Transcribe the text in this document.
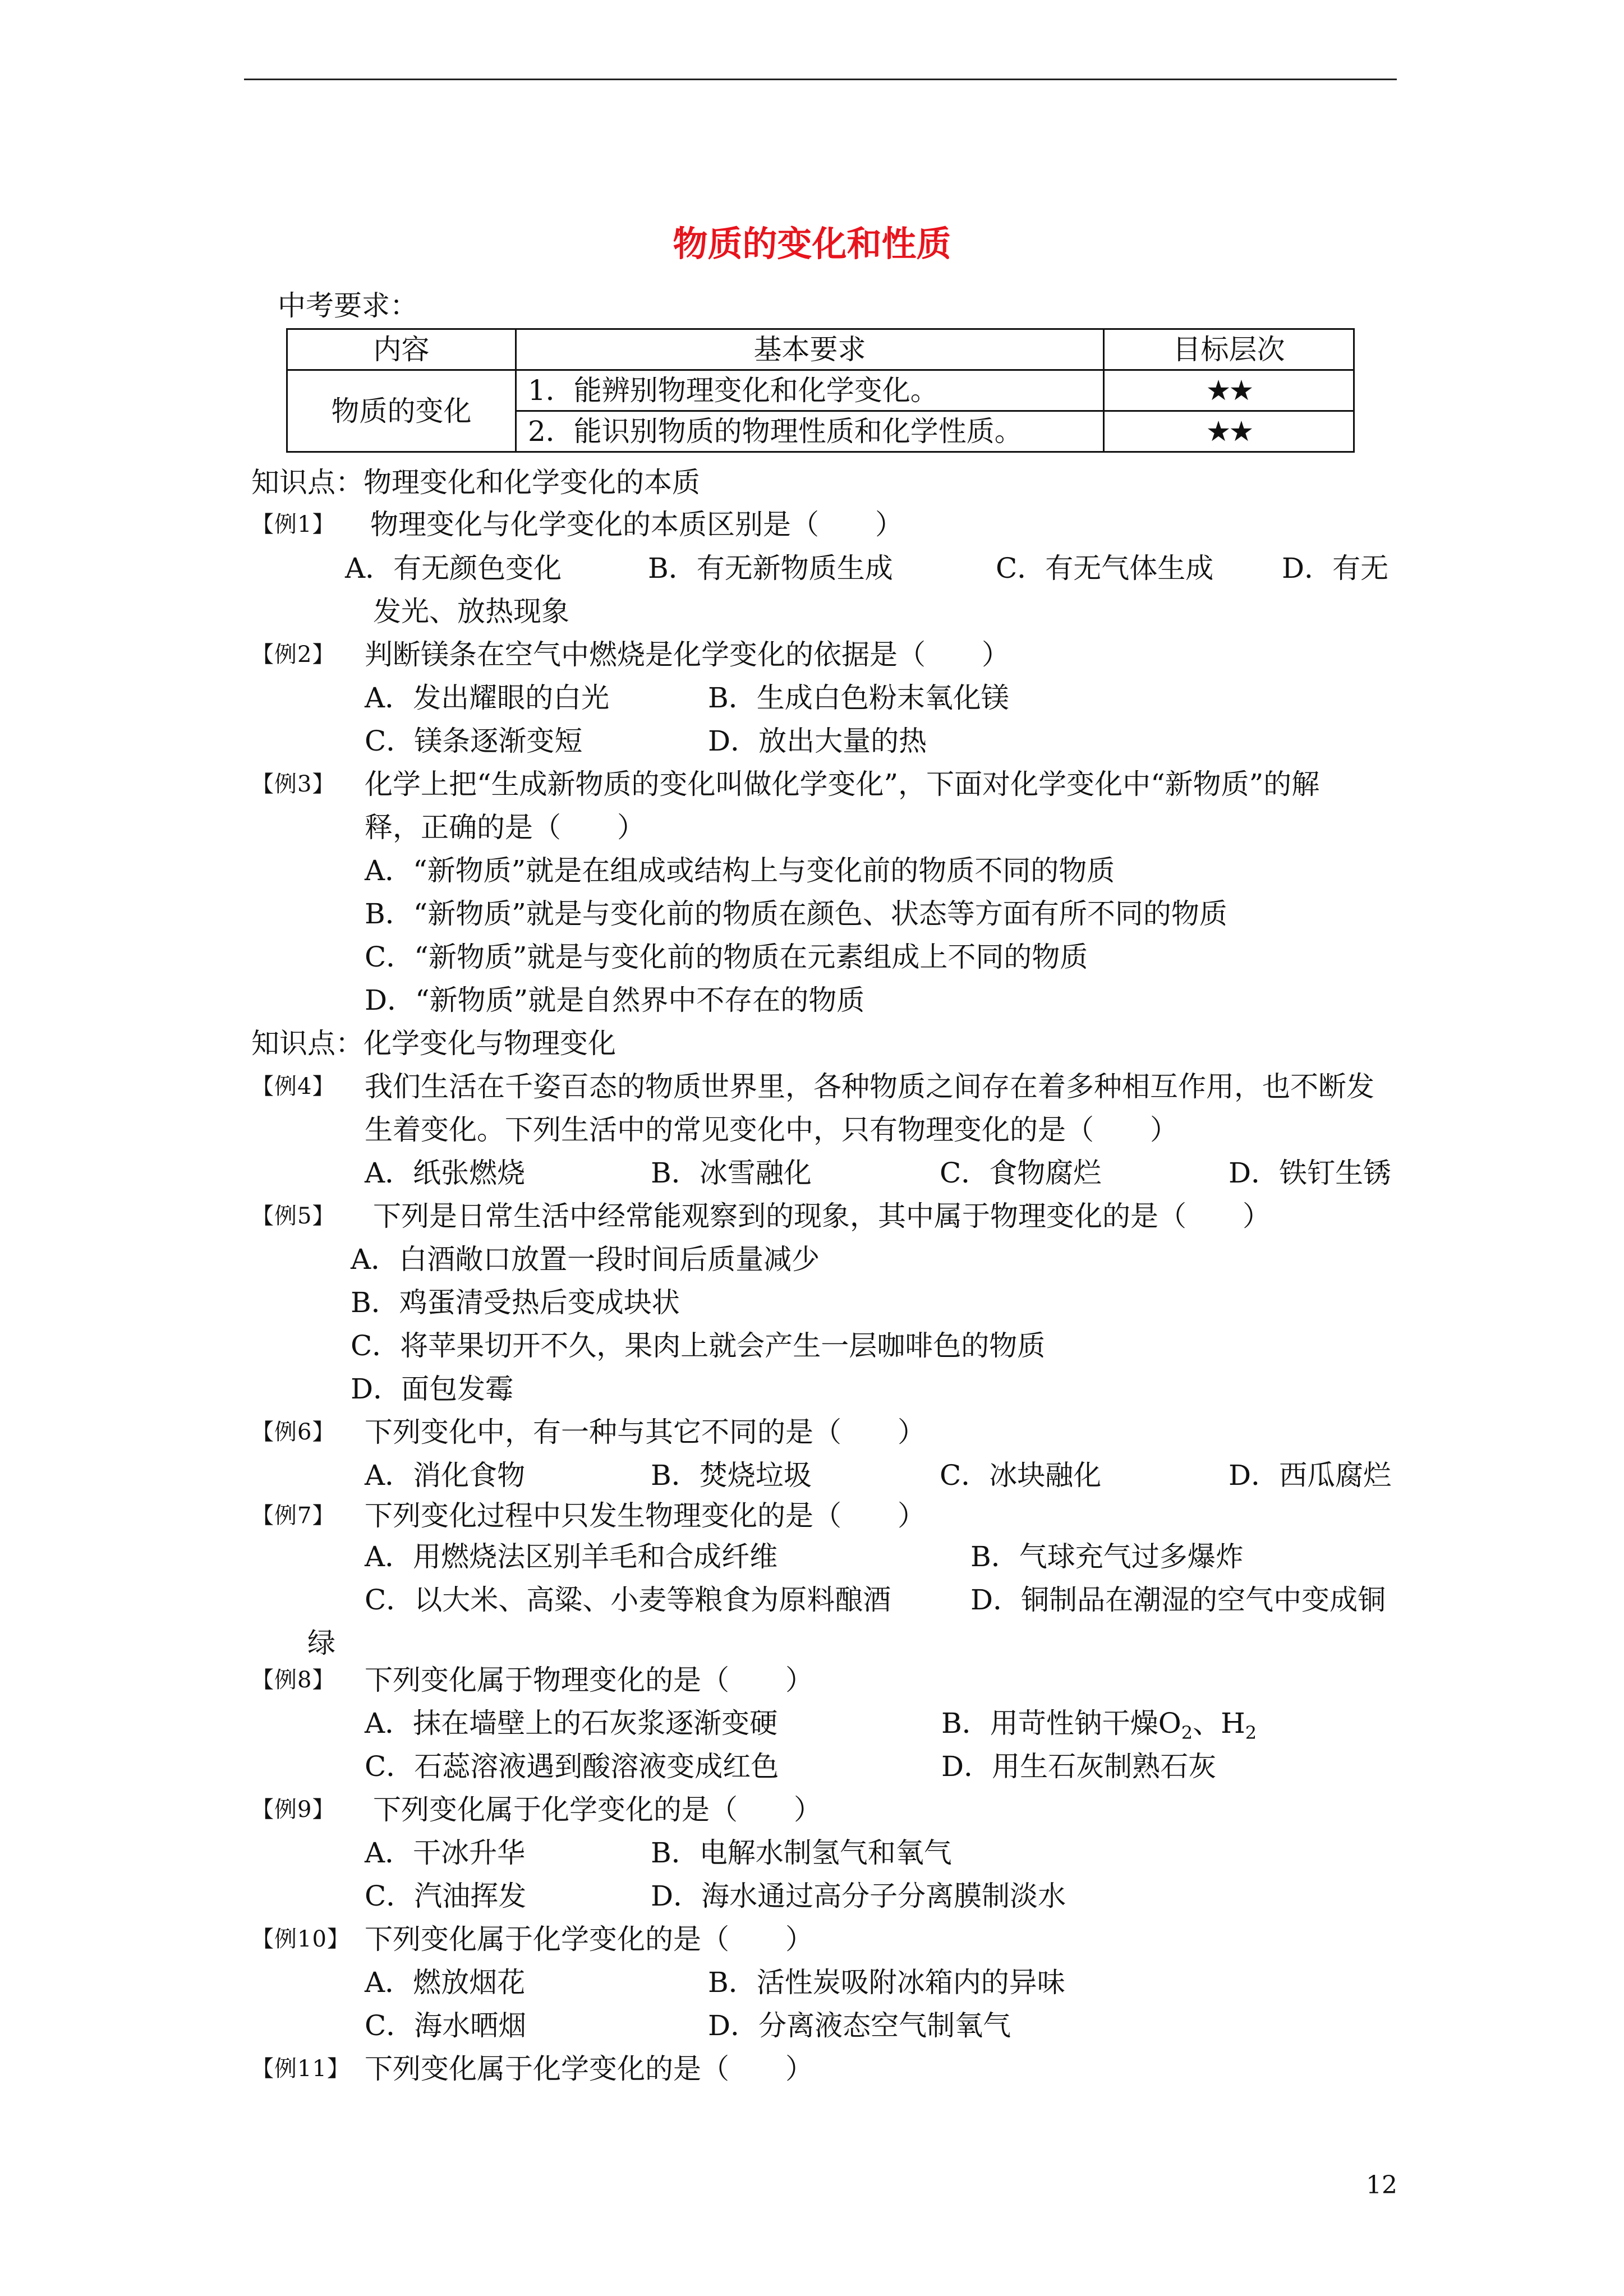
物质的变化和性质
中考要求：
内容	基本要求	目标层次
物质的变化	1．能辨别物理变化和化学变化。	★★
	2．能识别物质的物理性质和化学性质。	★★
知识点：物理变化和化学变化的本质
【例1】 物理变化与化学变化的本质区别是（　　）
A．有无颜色变化	B．有无新物质生成	C．有无气体生成 D．有无
发光、放热现象
【例2】 判断镁条在空气中燃烧是化学变化的依据是（　　）
A．发出耀眼的白光	B．生成白色粉末氧化镁
C．镁条逐渐变短	D．放出大量的热
【例3】 化学上把“生成新物质的变化叫做化学变化”，下面对化学变化中“新物质”的解
释，正确的是（　　）
A．“新物质”就是在组成或结构上与变化前的物质不同的物质
B．“新物质”就是与变化前的物质在颜色、状态等方面有所不同的物质
C．“新物质”就是与变化前的物质在元素组成上不同的物质
D．“新物质”就是自然界中不存在的物质
知识点：化学变化与物理变化
【例4】 我们生活在千姿百态的物质世界里，各种物质之间存在着多种相互作用，也不断发
生着变化。下列生活中的常见变化中，只有物理变化的是（　　）
A．纸张燃烧	B．冰雪融化	C．食物腐烂	D．铁钉生锈
【例5】 下列是日常生活中经常能观察到的现象，其中属于物理变化的是（　　）
A．白酒敞口放置一段时间后质量减少
B．鸡蛋清受热后变成块状
C．将苹果切开不久，果肉上就会产生一层咖啡色的物质
D．面包发霉
【例6】 下列变化中，有一种与其它不同的是（　　）
A．消化食物	B．焚烧垃圾	C．冰块融化	D．西瓜腐烂
【例7】 下列变化过程中只发生物理变化的是（　　）
A．用燃烧法区别羊毛和合成纤维	B．气球充气过多爆炸
C．以大米、高粱、小麦等粮食为原料酿酒	D．铜制品在潮湿的空气中变成铜
绿
【例8】 下列变化属于物理变化的是（　　）
A．抹在墙壁上的石灰浆逐渐变硬	B．用苛性钠干燥$O_2$、$H_2$
C．石蕊溶液遇到酸溶液变成红色	D．用生石灰制熟石灰
【例9】 下列变化属于化学变化的是（　　）
A．干冰升华	B．电解水制氢气和氧气
C．汽油挥发	D．海水通过高分子分离膜制淡水
【例10】 下列变化属于化学变化的是（　　）
A．燃放烟花	B．活性炭吸附冰箱内的异味
C．海水晒烟	D．分离液态空气制氧气
【例11】 下列变化属于化学变化的是（　　）
12
